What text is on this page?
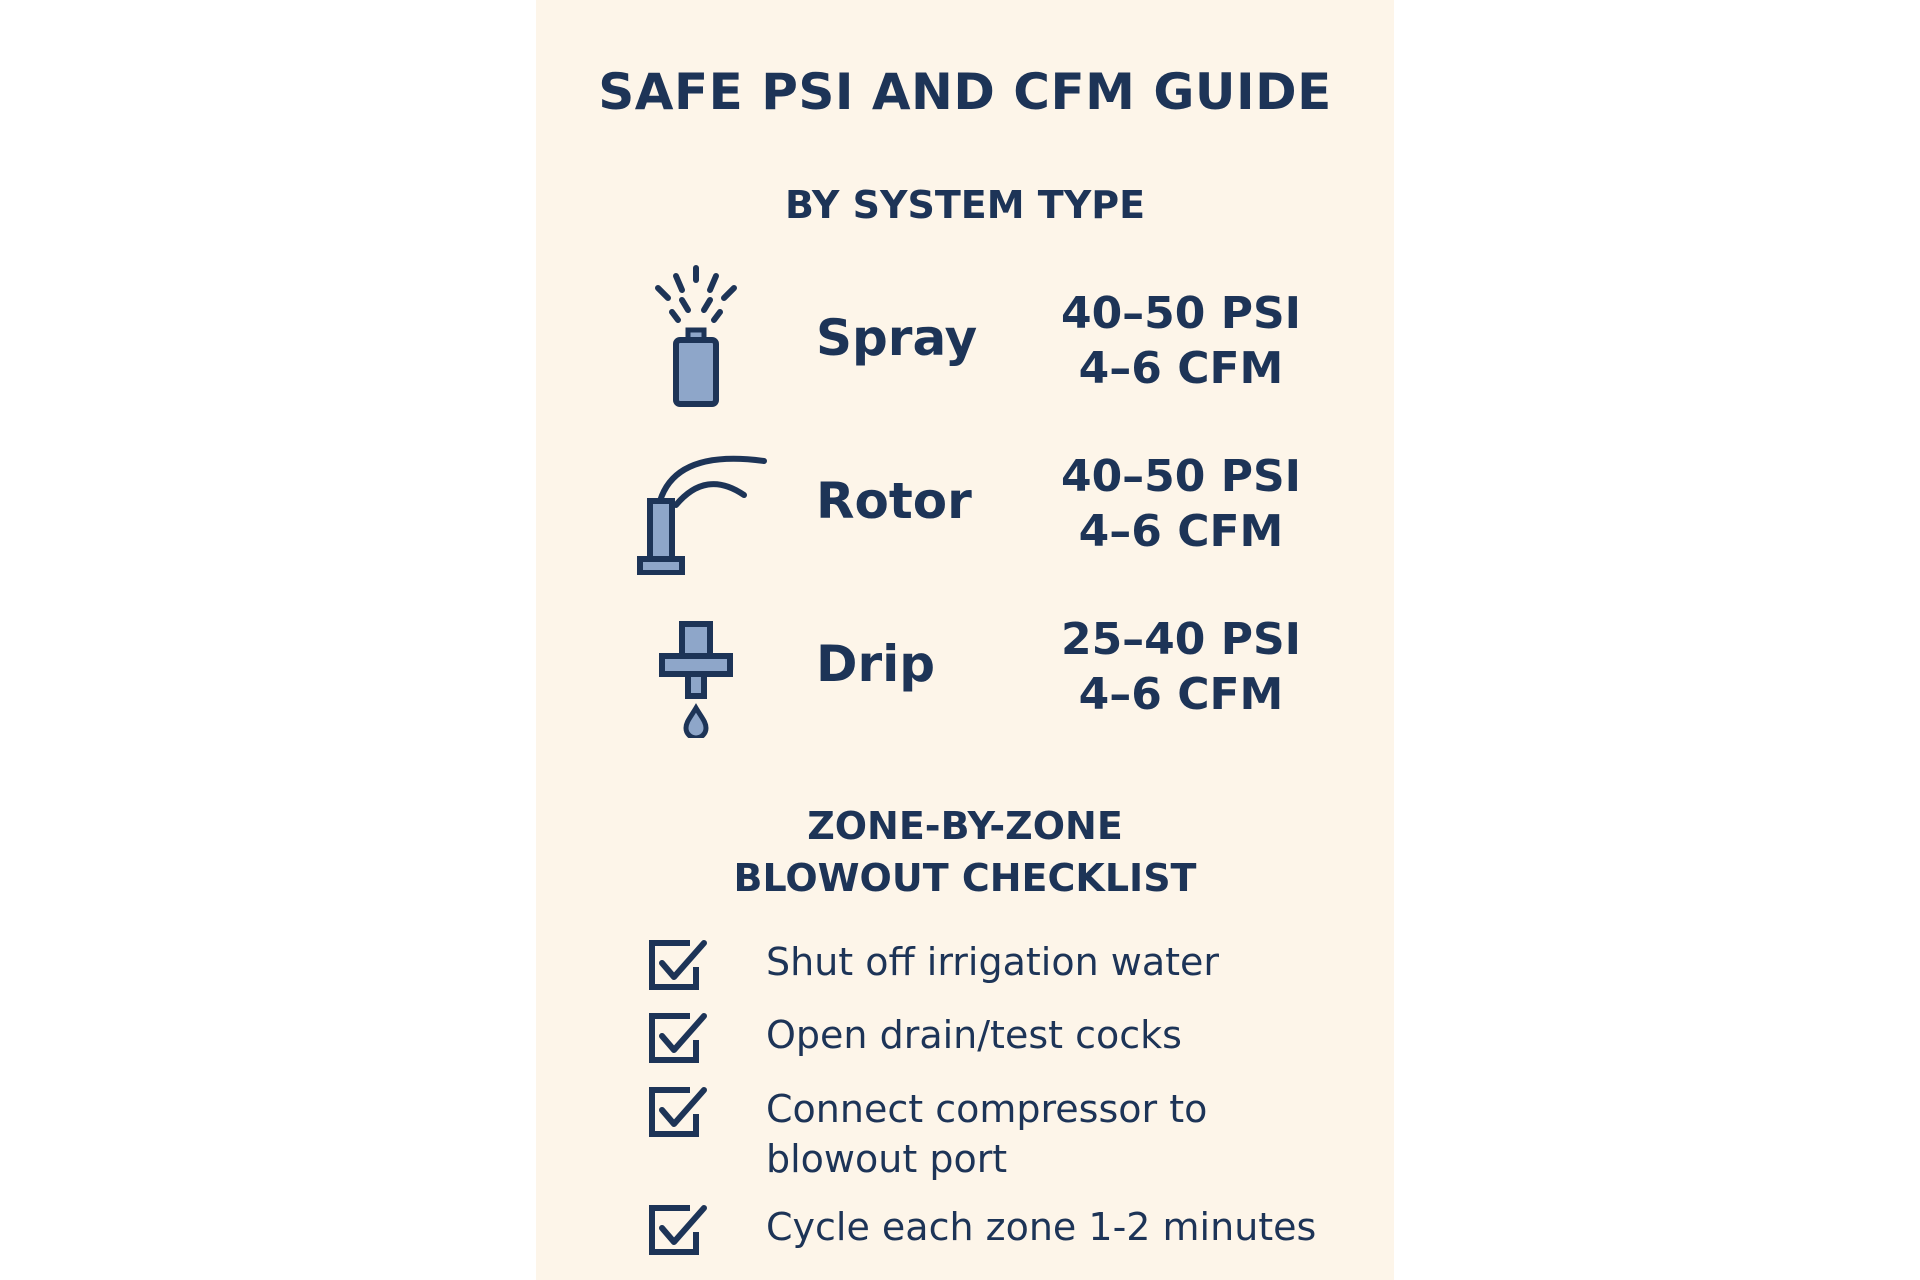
SAFE PSI AND CFM GUIDE
BY SYSTEM TYPE
Spray	40–50 PSI
4–6 CFM
Rotor	40–50 PSI
4–6 CFM
Drip	25–40 PSI
4–6 CFM
ZONE-BY-ZONE
BLOWOUT CHECKLIST
Shut off irrigation water
Open drain/test cocks
Connect compressor to
blowout port
Cycle each zone 1-2 minutes
